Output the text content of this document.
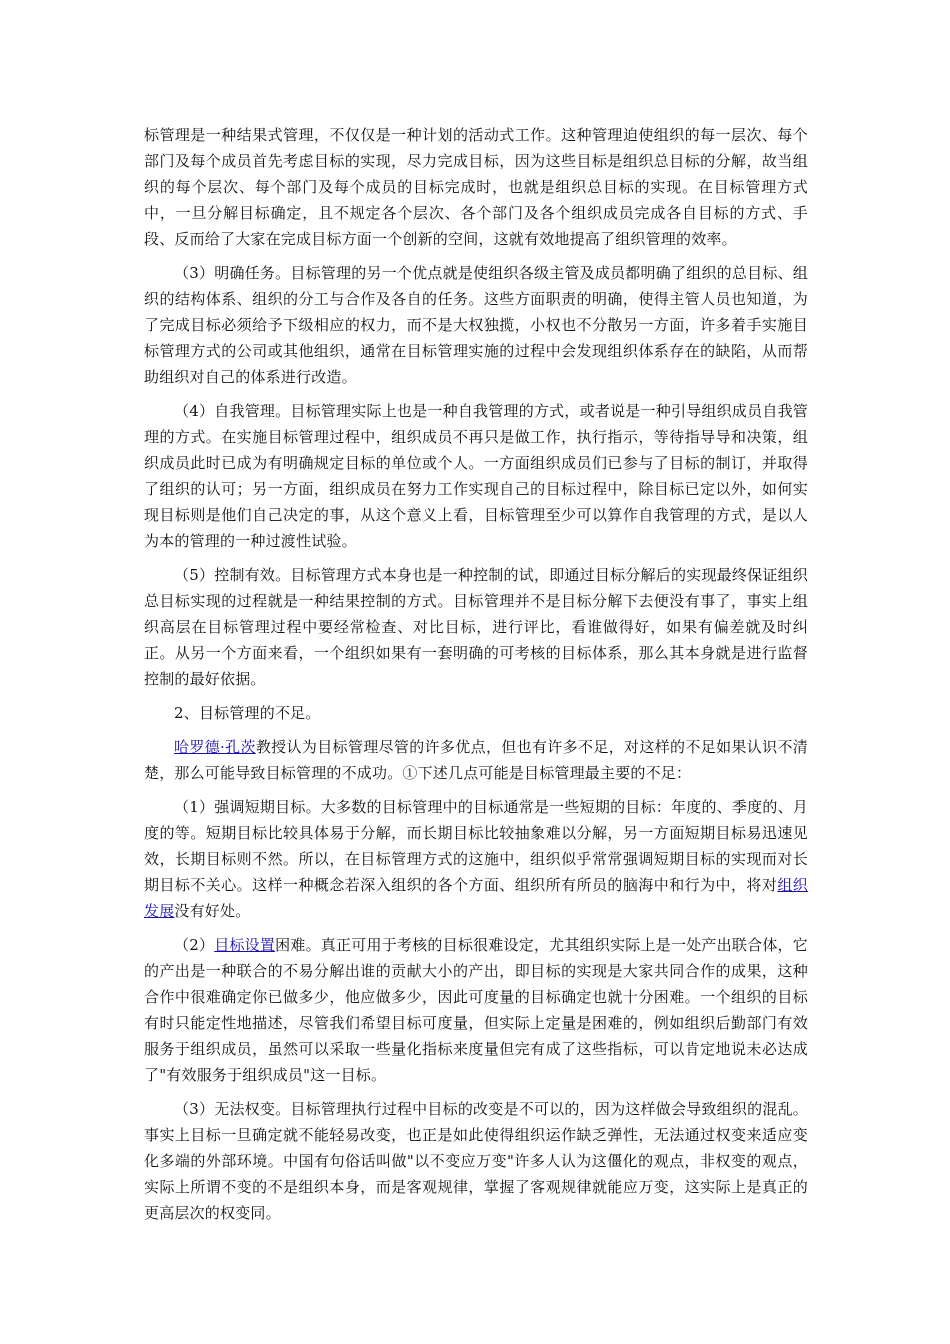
标管理是一种结果式管理，不仅仅是一种计划的活动式工作。这种管理迫使组织的每一层次、每个部门及每个成员首先考虑目标的实现，尽力完成目标，因为这些目标是组织总目标的分解，故当组织的每个层次、每个部门及每个成员的目标完成时，也就是组织总目标的实现。在目标管理方式中，一旦分解目标确定，且不规定各个层次、各个部门及各个组织成员完成各自目标的方式、手段、反而给了大家在完成目标方面一个创新的空间，这就有效地提高了组织管理的效率。

（3）明确任务。目标管理的另一个优点就是使组织各级主管及成员都明确了组织的总目标、组织的结构体系、组织的分工与合作及各自的任务。这些方面职责的明确，使得主管人员也知道，为了完成目标必须给予下级相应的权力，而不是大权独揽，小权也不分散另一方面，许多着手实施目标管理方式的公司或其他组织，通常在目标管理实施的过程中会发现组织体系存在的缺陷，从而帮助组织对自己的体系进行改造。

（4）自我管理。目标管理实际上也是一种自我管理的方式，或者说是一种引导组织成员自我管理的方式。在实施目标管理过程中，组织成员不再只是做工作，执行指示，等待指导导和决策，组织成员此时已成为有明确规定目标的单位或个人。一方面组织成员们已参与了目标的制订，并取得了组织的认可；另一方面，组织成员在努力工作实现自己的目标过程中，除目标已定以外，如何实现目标则是他们自己决定的事，从这个意义上看，目标管理至少可以算作自我管理的方式，是以人为本的管理的一种过渡性试验。

（5）控制有效。目标管理方式本身也是一种控制的试，即通过目标分解后的实现最终保证组织总目标实现的过程就是一种结果控制的方式。目标管理并不是目标分解下去便没有事了，事实上组织高层在目标管理过程中要经常检查、对比目标，进行评比，看谁做得好，如果有偏差就及时纠正。从另一个方面来看，一个组织如果有一套明确的可考核的目标体系，那么其本身就是进行监督控制的最好依据。

2、目标管理的不足。

哈罗德·孔茨教授认为目标管理尽管的许多优点，但也有许多不足，对这样的不足如果认识不清楚，那么可能导致目标管理的不成功。①下述几点可能是目标管理最主要的不足：

（1）强调短期目标。大多数的目标管理中的目标通常是一些短期的目标：年度的、季度的、月度的等。短期目标比较具体易于分解，而长期目标比较抽象难以分解，另一方面短期目标易迅速见效，长期目标则不然。所以，在目标管理方式的这施中，组织似乎常常强调短期目标的实现而对长期目标不关心。这样一种概念若深入组织的各个方面、组织所有所员的脑海中和行为中，将对组织发展没有好处。

（2）目标设置困难。真正可用于考核的目标很难设定，尤其组织实际上是一处产出联合体，它的产出是一种联合的不易分解出谁的贡献大小的产出，即目标的实现是大家共同合作的成果，这种合作中很难确定你已做多少，他应做多少，因此可度量的目标确定也就十分困难。一个组织的目标有时只能定性地描述，尽管我们希望目标可度量，但实际上定量是困难的，例如组织后勤部门有效服务于组织成员，虽然可以采取一些量化指标来度量但完有成了这些指标，可以肯定地说未必达成了"有效服务于组织成员"这一目标。

（3）无法权变。目标管理执行过程中目标的改变是不可以的，因为这样做会导致组织的混乱。事实上目标一旦确定就不能轻易改变，也正是如此使得组织运作缺乏弹性，无法通过权变来适应变化多端的外部环境。中国有句俗话叫做"以不变应万变"许多人认为这僵化的观点，非权变的观点，实际上所谓不变的不是组织本身，而是客观规律，掌握了客观规律就能应万变，这实际上是真正的更高层次的权变同。
